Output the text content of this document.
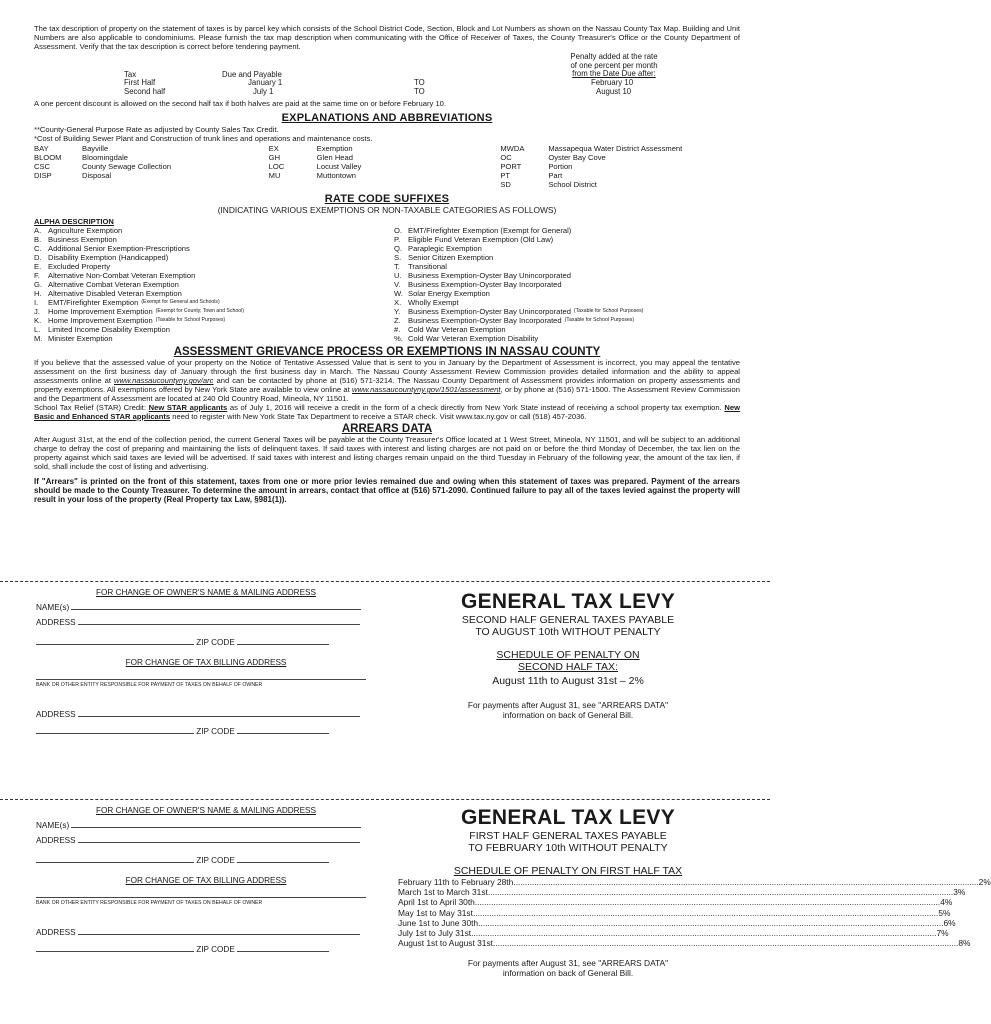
The tax description of property on the statement of taxes is by parcel key which consists of the School District Code, Section, Block and Lot Numbers as shown on the Nassau County Tax Map. Building and Unit Numbers are also applicable to condominiums. Please furnish the tax map description when communicating with the Office of Receiver of Taxes, the County Treasurer's Office or the County Department of Assessment. Verify that the tax description is correct before tendering payment.

Penalty added at the rate
of one percent per month
from the Date Due after:
Tax	Due and Payable
First Half	January 1	TO	February 10
Second half	July 1	TO	August 10

A one percent discount is allowed on the second half tax if both halves are paid at the same time on or before February 10.

EXPLANATIONS AND ABBREVIATIONS

**County-General Purpose Rate as adjusted by County Sales Tax Credit.

*Cost of Building Sewer Plant and Construction of trunk lines and operations and maintenance costs.

BAY	Bayville
BLOOM	Bloomingdale
CSC	County Sewage Collection
DISP	Disposal
EX	Exemption
GH	Glen Head
LOC	Locust Valley
MU	Muttontown
MWDA	Massapequa Water District Assessment
OC	Oyster Bay Cove
PORT	Portion
PT	Part
SD	School District
RATE CODE SUFFIXES

(INDICATING VARIOUS EXEMPTIONS OR NON-TAXABLE CATEGORIES AS FOLLOWS)

ALPHA DESCRIPTION
A. Agriculture Exemption
B. Business Exemption
C. Additional Senior Exemption-Prescriptions
D. Disability Exemption (Handicapped)
E. Excluded Property
F.	Alternative Non-Combat Veteran Exemption
G. Alternative Combat Veteran Exemption
H. Alternative Disabled Veteran Exemption
I.	EMT/Firefighter Exemption (Exempt for General and Schools)
J.	Home Improvement Exemption (Exempt for County, Town and School)
K. Home Improvement Exemption (Taxable for School Purposes)
L.	Limited Income Disability Exemption
M. Minister Exemption
O. EMT/Firefighter Exemption (Exempt for General)
P.	Eligible Fund Veteran Exemption (Old Law)
Q. Paraplegic Exemption
S. Senior Citizen Exemption
T.	Transitional
U. Business Exemption-Oyster Bay Unincorporated
V. Business Exemption-Oyster Bay Incorporated
W. Solar Energy Exemption
X. Wholly Exempt
Y.	Business Exemption-Oyster Bay Unincorporated (Taxable for School Purposes)
Z. Business Exemption-Oyster Bay Incorporated (Taxable for School Purposes)
#.	Cold War Veteran Exemption
%. Cold War Veteran Exemption Disability
ASSESSMENT GRIEVANCE PROCESS OR EXEMPTIONS IN NASSAU COUNTY

If you believe that the assessed value of your property on the Notice of Tentative Assessed Value that is sent to you in January by the Department of Assessment is incorrect, you may appeal the tentative assessment on the first business day of January through the first business day in March. The Nassau County Assessment Review Commission provides detailed information and the ability to appeal assessments online at www.nassaucountyny.gov/arc and can be contacted by phone at (516) 571-3214. The Nassau County Department of Assessment provides information on property assessments and property exemptions. All exemptions offered by New York State are available to view online at www.nassaucountyny.gov/1501/assessment, or by phone at (516) 571-1500. The Assessment Review Commission and the Department of Assessment are located at 240 Old Country Road, Mineola, NY 11501.

School Tax Relief (STAR) Credit: New STAR applicants as of July 1, 2016 will receive a credit in the form of a check directly from New York State instead of receiving a school property tax exemption. New Basic and Enhanced STAR applicants need to register with New York State Tax Department to receive a STAR check. Visit www.tax.ny.gov or call (518) 457-2036.

ARREARS DATA

After August 31st, at the end of the collection period, the current General Taxes will be payable at the County Treasurer's Office located at 1 West Street, Mineola, NY 11501, and will be subject to an additional charge to defray the cost of preparing and maintaining the lists of delinquent taxes. If said taxes with interest and listing charges are not paid on or before the third Monday of December, the tax lien on the property against which said taxes are levied will be advertised. If said taxes with interest and listing charges remain unpaid on the third Tuesday in February of the following year, the amount of the tax lien, if sold, shall include the cost of listing and advertising.

If "Arrears" is printed on the front of this statement, taxes from one or more prior levies remained due and owing when this statement of taxes was prepared. Payment of the arrears should be made to the County Treasurer. To determine the amount in arrears, contact that office at (516) 571-2090. Continued failure to pay all of the taxes levied against the property will result in your loss of the property (Real Property tax Law, §981(1)).

FOR CHANGE OF OWNER'S NAME & MAILING ADDRESS
NAME(s)
ADDRESS
ZIP CODE
FOR CHANGE OF TAX BILLING ADDRESS
BANK OR OTHER ENTITY RESPONSIBLE FOR PAYMENT OF TAXES ON BEHALF OF OWNER
ADDRESS
ZIP CODE
GENERAL TAX LEVY
SECOND HALF GENERAL TAXES PAYABLE
TO AUGUST 10th WITHOUT PENALTY
SCHEDULE OF PENALTY ON
SECOND HALF TAX:
August 11th to August 31st – 2%
For payments after August 31, see "ARREARS DATA"
information on back of General Bill.
FOR CHANGE OF OWNER'S NAME & MAILING ADDRESS
NAME(s)
ADDRESS
ZIP CODE
FOR CHANGE OF TAX BILLING ADDRESS
BANK OR OTHER ENTITY RESPONSIBLE FOR PAYMENT OF TAXES ON BEHALF OF OWNER
ADDRESS
ZIP CODE
GENERAL TAX LEVY
FIRST HALF GENERAL TAXES PAYABLE
TO FEBRUARY 10th WITHOUT PENALTY
SCHEDULE OF PENALTY ON FIRST HALF TAX
February 11th to February 28th ........................................................................................................................................................................................................ 2%
March 1st to March 31st ........................................................................................................................................................................................................ 3%
April 1st to April 30th ........................................................................................................................................................................................................ 4%
May 1st to May 31st ........................................................................................................................................................................................................ 5%
June 1st to June 30th ........................................................................................................................................................................................................ 6%
July 1st to July 31st ........................................................................................................................................................................................................ 7%
August 1st to August 31st ........................................................................................................................................................................................................ 8%
For payments after August 31, see "ARREARS DATA"
information on back of General Bill.
